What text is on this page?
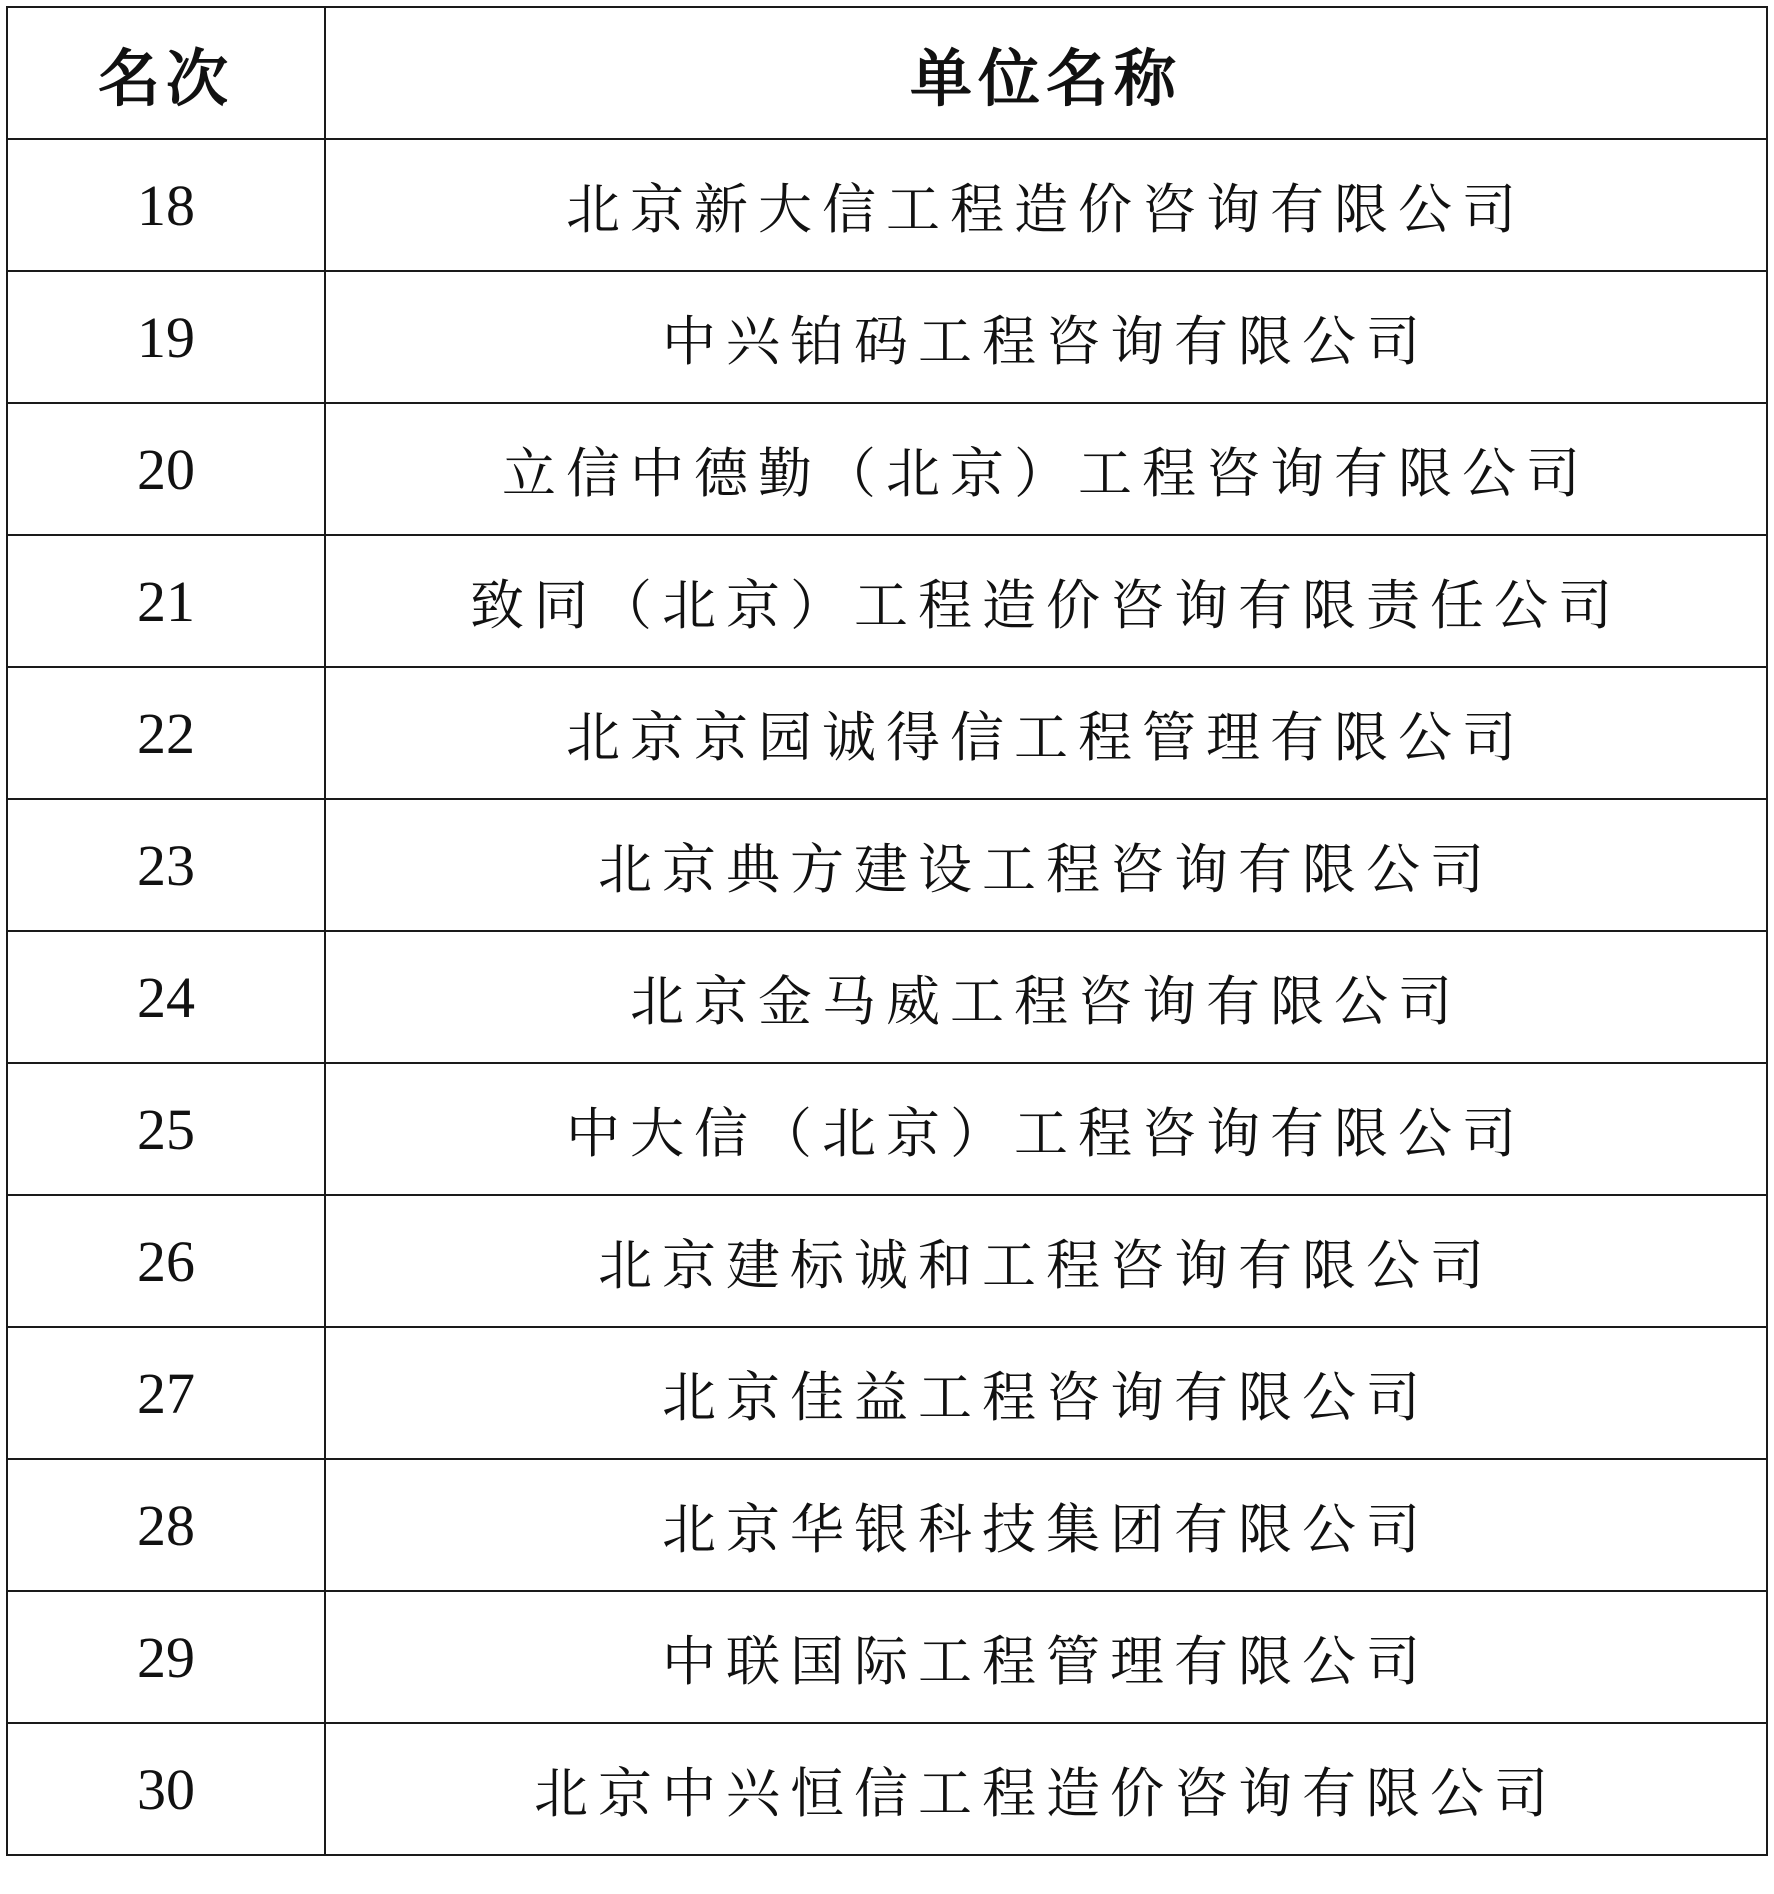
名次	单位名称
18	北京新大信工程造价咨询有限公司
19	中兴铂码工程咨询有限公司
20	立信中德勤（北京）工程咨询有限公司
21	致同（北京）工程造价咨询有限责任公司
22	北京京园诚得信工程管理有限公司
23	北京典方建设工程咨询有限公司
24	北京金马威工程咨询有限公司
25	中大信（北京）工程咨询有限公司
26	北京建标诚和工程咨询有限公司
27	北京佳益工程咨询有限公司
28	北京华银科技集团有限公司
29	中联国际工程管理有限公司
30	北京中兴恒信工程造价咨询有限公司
